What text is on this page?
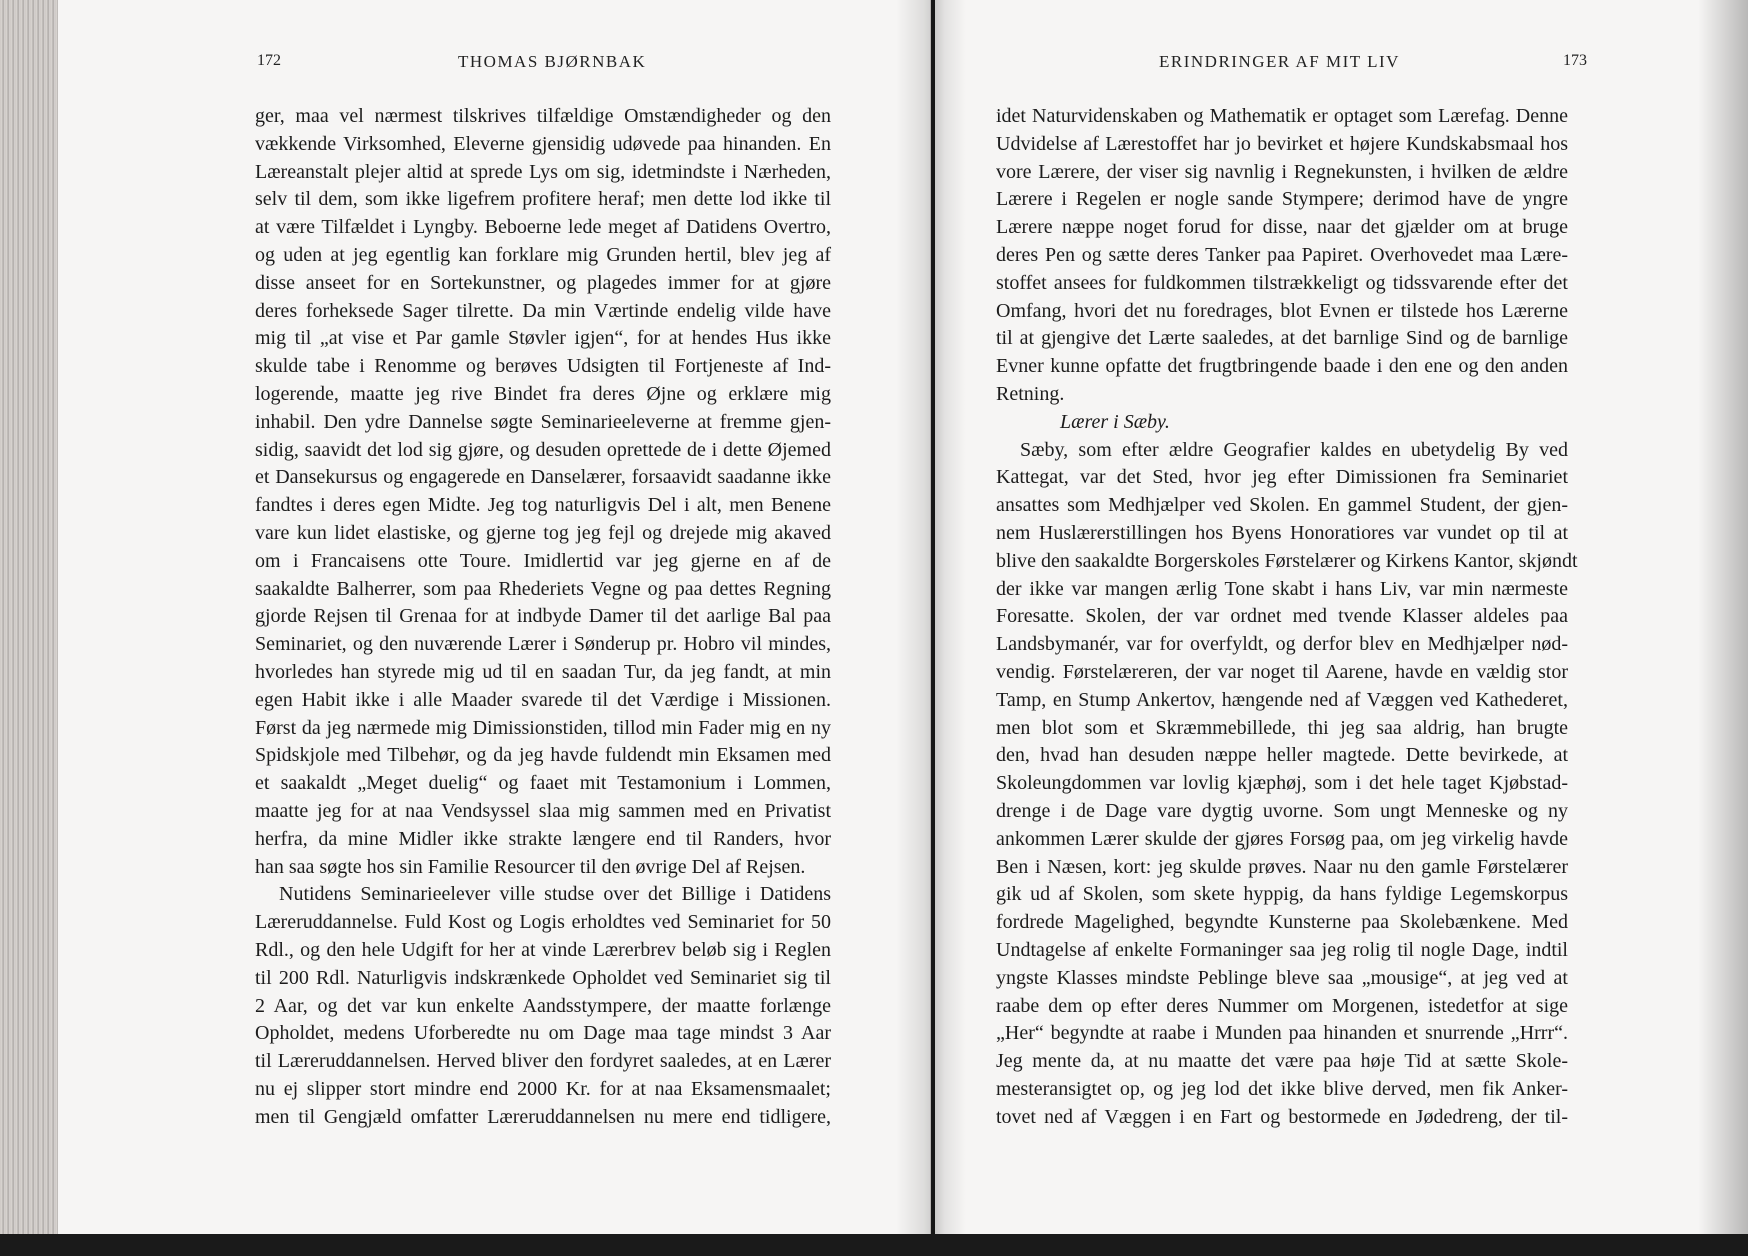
172	THOMAS BJØRNBAK
ger, maa vel nærmest tilskrives tilfældige Omstændigheder og den
vækkende Virksomhed, Eleverne gjensidig udøvede paa hinanden. En
Læreanstalt plejer altid at sprede Lys om sig, idetmindste i Nærheden,
selv til dem, som ikke ligefrem profitere heraf; men dette lod ikke til
at være Tilfældet i Lyngby. Beboerne lede meget af Datidens Overtro,
og uden at jeg egentlig kan forklare mig Grunden hertil, blev jeg af
disse anseet for en Sortekunstner, og plagedes immer for at gjøre
deres forheksede Sager tilrette. Da min Værtinde endelig vilde have
mig til „at vise et Par gamle Støvler igjen“, for at hendes Hus ikke
skulde tabe i Renomme og berøves Udsigten til Fortjeneste af Ind-
logerende, maatte jeg rive Bindet fra deres Øjne og erklære mig
inhabil. Den ydre Dannelse søgte Seminarieeleverne at fremme gjen-
sidig, saavidt det lod sig gjøre, og desuden oprettede de i dette Øjemed
et Dansekursus og engagerede en Danselærer, forsaavidt saadanne ikke
fandtes i deres egen Midte. Jeg tog naturligvis Del i alt, men Benene
vare kun lidet elastiske, og gjerne tog jeg fejl og drejede mig akaved
om i Francaisens otte Toure. Imidlertid var jeg gjerne en af de
saakaldte Balherrer, som paa Rhederiets Vegne og paa dettes Regning
gjorde Rejsen til Grenaa for at indbyde Damer til det aarlige Bal paa
Seminariet, og den nuværende Lærer i Sønderup pr. Hobro vil mindes,
hvorledes han styrede mig ud til en saadan Tur, da jeg fandt, at min
egen Habit ikke i alle Maader svarede til det Værdige i Missionen.
Først da jeg nærmede mig Dimissionstiden, tillod min Fader mig en ny
Spidskjole med Tilbehør, og da jeg havde fuldendt min Eksamen med
et saakaldt „Meget duelig“ og faaet mit Testamonium i Lommen,
maatte jeg for at naa Vendsyssel slaa mig sammen med en Privatist
herfra, da mine Midler ikke strakte længere end til Randers, hvor
han saa søgte hos sin Familie Resourcer til den øvrige Del af Rejsen.
Nutidens Seminarieelever ville studse over det Billige i Datidens
Læreruddannelse. Fuld Kost og Logis erholdtes ved Seminariet for 50
Rdl., og den hele Udgift for her at vinde Lærerbrev beløb sig i Reglen
til 200 Rdl. Naturligvis indskrænkede Opholdet ved Seminariet sig til
2 Aar, og det var kun enkelte Aandsstympere, der maatte forlænge
Opholdet, medens Uforberedte nu om Dage maa tage mindst 3 Aar
til Læreruddannelsen. Herved bliver den fordyret saaledes, at en Lærer
nu ej slipper stort mindre end 2000 Kr. for at naa Eksamensmaalet;
men til Gengjæld omfatter Læreruddannelsen nu mere end tidligere,
ERINDRINGER AF MIT LIV	173
idet Naturvidenskaben og Mathematik er optaget som Lærefag. Denne
Udvidelse af Lærestoffet har jo bevirket et højere Kundskabsmaal hos
vore Lærere, der viser sig navnlig i Regnekunsten, i hvilken de ældre
Lærere i Regelen er nogle sande Stympere; derimod have de yngre
Lærere næppe noget forud for disse, naar det gjælder om at bruge
deres Pen og sætte deres Tanker paa Papiret. Overhovedet maa Lære-
stoffet ansees for fuldkommen tilstrækkeligt og tidssvarende efter det
Omfang, hvori det nu foredrages, blot Evnen er tilstede hos Lærerne
til at gjengive det Lærte saaledes, at det barnlige Sind og de barnlige
Evner kunne opfatte det frugtbringende baade i den ene og den anden
Retning.
Lærer i Sæby.
Sæby, som efter ældre Geografier kaldes en ubetydelig By ved
Kattegat, var det Sted, hvor jeg efter Dimissionen fra Seminariet
ansattes som Medhjælper ved Skolen. En gammel Student, der gjen-
nem Huslærerstillingen hos Byens Honoratiores var vundet op til at
blive den saakaldte Borgerskoles Førstelærer og Kirkens Kantor, skjøndt
der ikke var mangen ærlig Tone skabt i hans Liv, var min nærmeste
Foresatte. Skolen, der var ordnet med tvende Klasser aldeles paa
Landsbymanér, var for overfyldt, og derfor blev en Medhjælper nød-
vendig. Førstelæreren, der var noget til Aarene, havde en vældig stor
Tamp, en Stump Ankertov, hængende ned af Væggen ved Kathederet,
men blot som et Skræmmebillede, thi jeg saa aldrig, han brugte
den, hvad han desuden næppe heller magtede. Dette bevirkede, at
Skoleungdommen var lovlig kjæphøj, som i det hele taget Kjøbstad-
drenge i de Dage vare dygtig uvorne. Som ungt Menneske og ny
ankommen Lærer skulde der gjøres Forsøg paa, om jeg virkelig havde
Ben i Næsen, kort: jeg skulde prøves. Naar nu den gamle Førstelærer
gik ud af Skolen, som skete hyppig, da hans fyldige Legemskorpus
fordrede Magelighed, begyndte Kunsterne paa Skolebænkene. Med
Undtagelse af enkelte Formaninger saa jeg rolig til nogle Dage, indtil
yngste Klasses mindste Peblinge bleve saa „mousige“, at jeg ved at
raabe dem op efter deres Nummer om Morgenen, istedetfor at sige
„Her“ begyndte at raabe i Munden paa hinanden et snurrende „Hrrr“.
Jeg mente da, at nu maatte det være paa høje Tid at sætte Skole-
mesteransigtet op, og jeg lod det ikke blive derved, men fik Anker-
tovet ned af Væggen i en Fart og bestormede en Jødedreng, der til-
